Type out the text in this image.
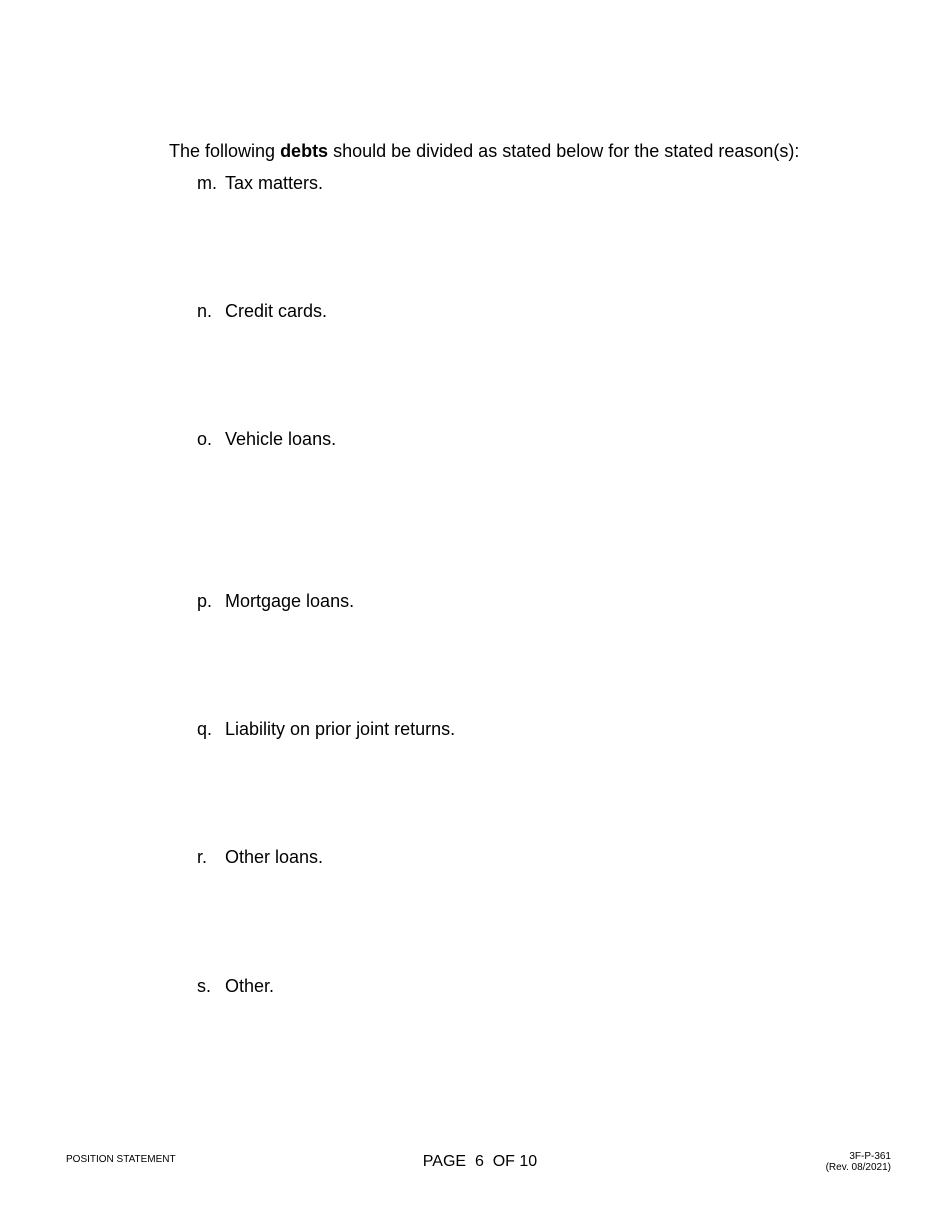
The following debts should be divided as stated below for the stated reason(s):
m. Tax matters.
n. Credit cards.
o. Vehicle loans.
p. Mortgage loans.
q. Liability on prior joint returns.
r. Other loans.
s. Other.
POSITION STATEMENT	PAGE  6  OF 10	3F-P-361
(Rev. 08/2021)
